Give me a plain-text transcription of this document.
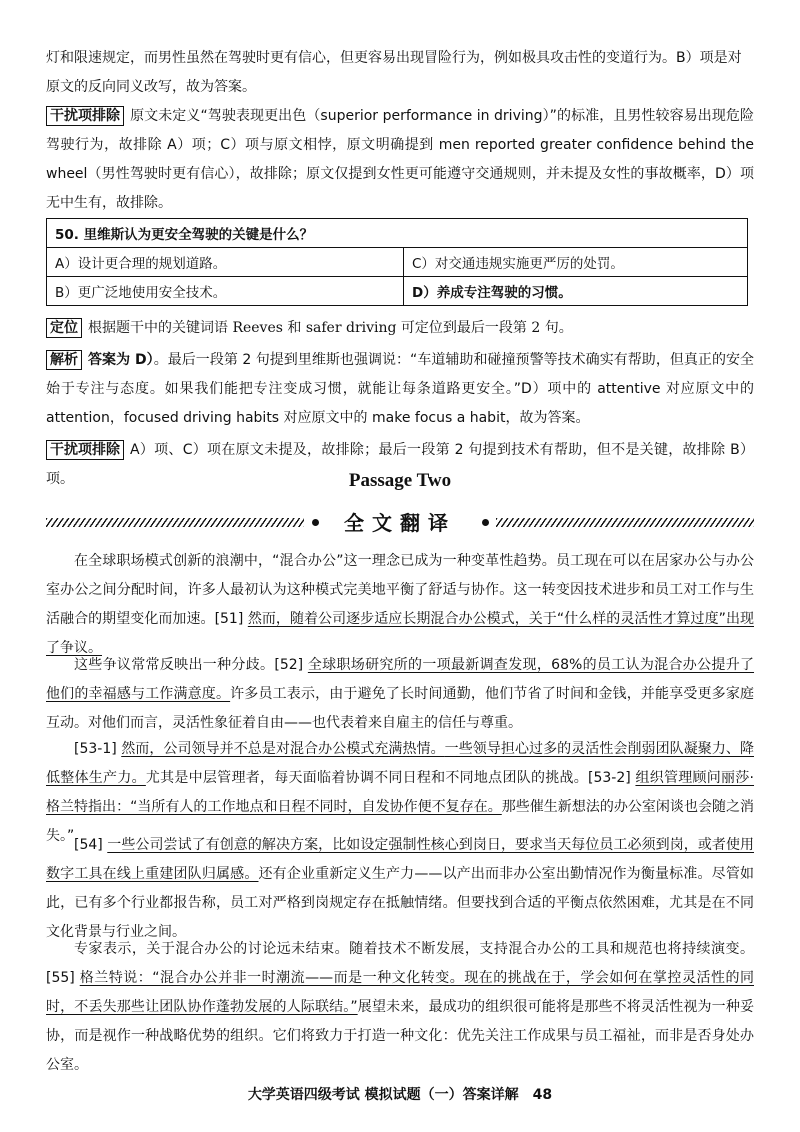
灯和限速规定，而男性虽然在驾驶时更有信心，但更容易出现冒险行为，例如极具攻击性的变道行为。B）项是对

原文的反向同义改写，故为答案。

干扰项排除 原文未定义“驾驶表现更出色（superior performance in driving）”的标准，且男性较容易出现危险驾驶行为，故排除 A）项；C）项与原文相悖，原文明确提到 men reported greater confidence behind the wheel（男性驾驶时更有信心），故排除；原文仅提到女性更可能遵守交通规则，并未提及女性的事故概率，D）项无中生有，故排除。

50. 里维斯认为更安全驾驶的关键是什么？	
A）设计更合理的规划道路。	C）对交通违规实施更严厉的处罚。
B）更广泛地使用安全技术。	D）养成专注驾驶的习惯。

定位 根据题干中的关键词语 Reeves 和 safer driving 可定位到最后一段第 2 句。

解析 答案为 D）。最后一段第 2 句提到里维斯也强调说：“车道辅助和碰撞预警等技术确实有帮助，但真正的安全始于专注与态度。如果我们能把专注变成习惯，就能让每条道路更安全。”D）项中的 attentive 对应原文中的 attention，focused driving habits 对应原文中的 make focus a habit，故为答案。

干扰项排除 A）项、C）项在原文未提及，故排除；最后一段第 2 句提到技术有帮助，但不是关键，故排除 B）项。	Passage Two
全文翻译

在全球职场模式创新的浪潮中，“混合办公”这一理念已成为一种变革性趋势。员工现在可以在居家办公与办公室办公之间分配时间，许多人最初认为这种模式完美地平衡了舒适与协作。这一转变因技术进步和员工对工作与生活融合的期望变化而加速。[51] 然而，随着公司逐步适应长期混合办公模式，关于“什么样的灵活性才算过度”出现了争议。

这些争议常常反映出一种分歧。[52] 全球职场研究所的一项最新调查发现，68%的员工认为混合办公提升了他们的幸福感与工作满意度。许多员工表示，由于避免了长时间通勤，他们节省了时间和金钱，并能享受更多家庭互动。对他们而言，灵活性象征着自由——也代表着来自雇主的信任与尊重。

[53-1] 然而，公司领导并不总是对混合办公模式充满热情。一些领导担心过多的灵活性会削弱团队凝聚力、降低整体生产力。尤其是中层管理者，每天面临着协调不同日程和不同地点团队的挑战。[53-2] 组织管理顾问丽莎·格兰特指出：“当所有人的工作地点和日程不同时，自发协作便不复存在。那些催生新想法的办公室闲谈也会随之消失。”

[54] 一些公司尝试了有创意的解决方案，比如设定强制性核心到岗日，要求当天每位员工必须到岗，或者使用数字工具在线上重建团队归属感。还有企业重新定义生产力——以产出而非办公室出勤情况作为衡量标准。尽管如此，已有多个行业都报告称，员工对严格到岗规定存在抵触情绪。但要找到合适的平衡点依然困难，尤其是在不同文化背景与行业之间。

专家表示，关于混合办公的讨论远未结束。随着技术不断发展，支持混合办公的工具和规范也将持续演变。[55] 格兰特说：“混合办公并非一时潮流——而是一种文化转变。现在的挑战在于，学会如何在掌控灵活性的同时，不丢失那些让团队协作蓬勃发展的人际联结。”展望未来，最成功的组织很可能将是那些不将灵活性视为一种妥协，而是视作一种战略优势的组织。它们将致力于打造一种文化：优先关注工作成果与员工福祉，而非是否身处办公室。

大学英语四级考试 模拟试题（一）答案详解　48
